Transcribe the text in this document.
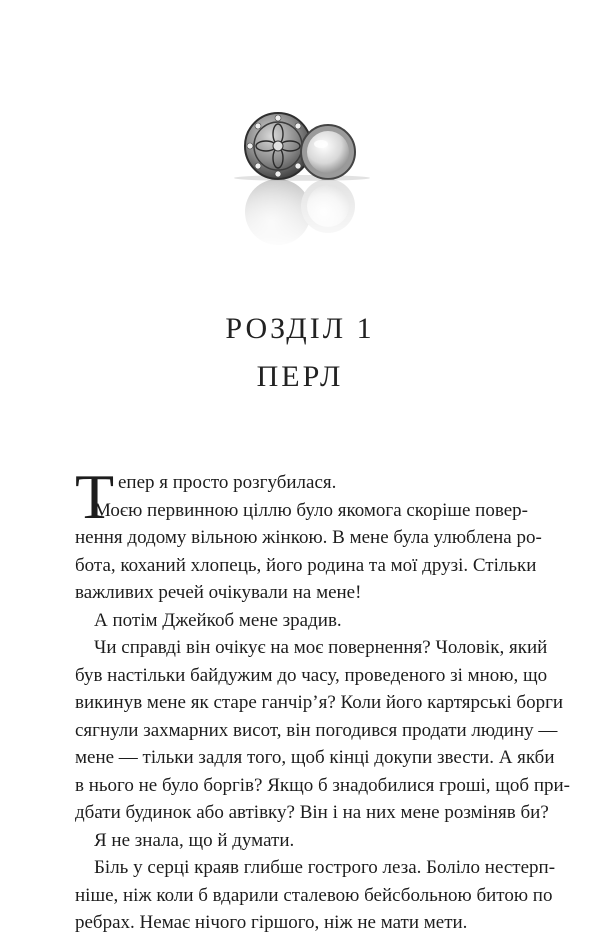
РОЗДІЛ 1
ПЕРЛ
Т епер я просто розгубилася.
Моєю первинною ціллю було якомога скоріше повер-
нення додому вільною жінкою. В мене була улюблена ро-
бота, коханий хлопець, його родина та мої друзі. Стільки
важливих речей очікували на мене!
А потім Джейкоб мене зрадив.
Чи справді він очікує на моє повернення? Чоловік, який
був настільки байдужим до часу, проведеного зі мною, що
викинув мене як старе ганчір’я? Коли його картярські борги
сягнули захмарних висот, він погодився продати людину —
мене — тільки задля того, щоб кінці докупи звести. А якби
в нього не було боргів? Якщо б знадобилися гроші, щоб при-
дбати будинок або автівку? Він і на них мене розміняв би?
Я не знала, що й думати.
Біль у серці краяв глибше гострого леза. Боліло нестерп-
ніше, ніж коли б вдарили сталевою бейсбольною битою по
ребрах. Немає нічого гіршого, ніж не мати мети.
